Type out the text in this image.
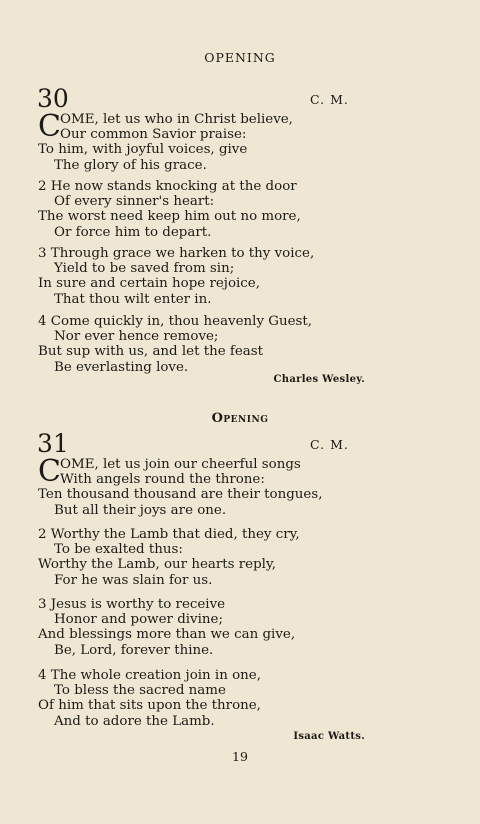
OPENING
30	C. M.
C OME, let us who in Christ believe,
Our common Savior praise:
To him, with joyful voices, give
The glory of his grace.
2 He now stands knocking at the door
Of every sinner's heart:
The worst need keep him out no more,
Or force him to depart.
3 Through grace we harken to thy voice,
Yield to be saved from sin;
In sure and certain hope rejoice,
That thou wilt enter in.
4 Come quickly in, thou heavenly Guest,
Nor ever hence remove;
But sup with us, and let the feast
Be everlasting love.
Charles Wesley.
Opening
31	C. M.
C OME, let us join our cheerful songs
With angels round the throne:
Ten thousand thousand are their tongues,
But all their joys are one.
2 Worthy the Lamb that died, they cry,
To be exalted thus:
Worthy the Lamb, our hearts reply,
For he was slain for us.
3 Jesus is worthy to receive
Honor and power divine;
And blessings more than we can give,
Be, Lord, forever thine.
4 The whole creation join in one,
To bless the sacred name
Of him that sits upon the throne,
And to adore the Lamb.
Isaac Watts.
19
